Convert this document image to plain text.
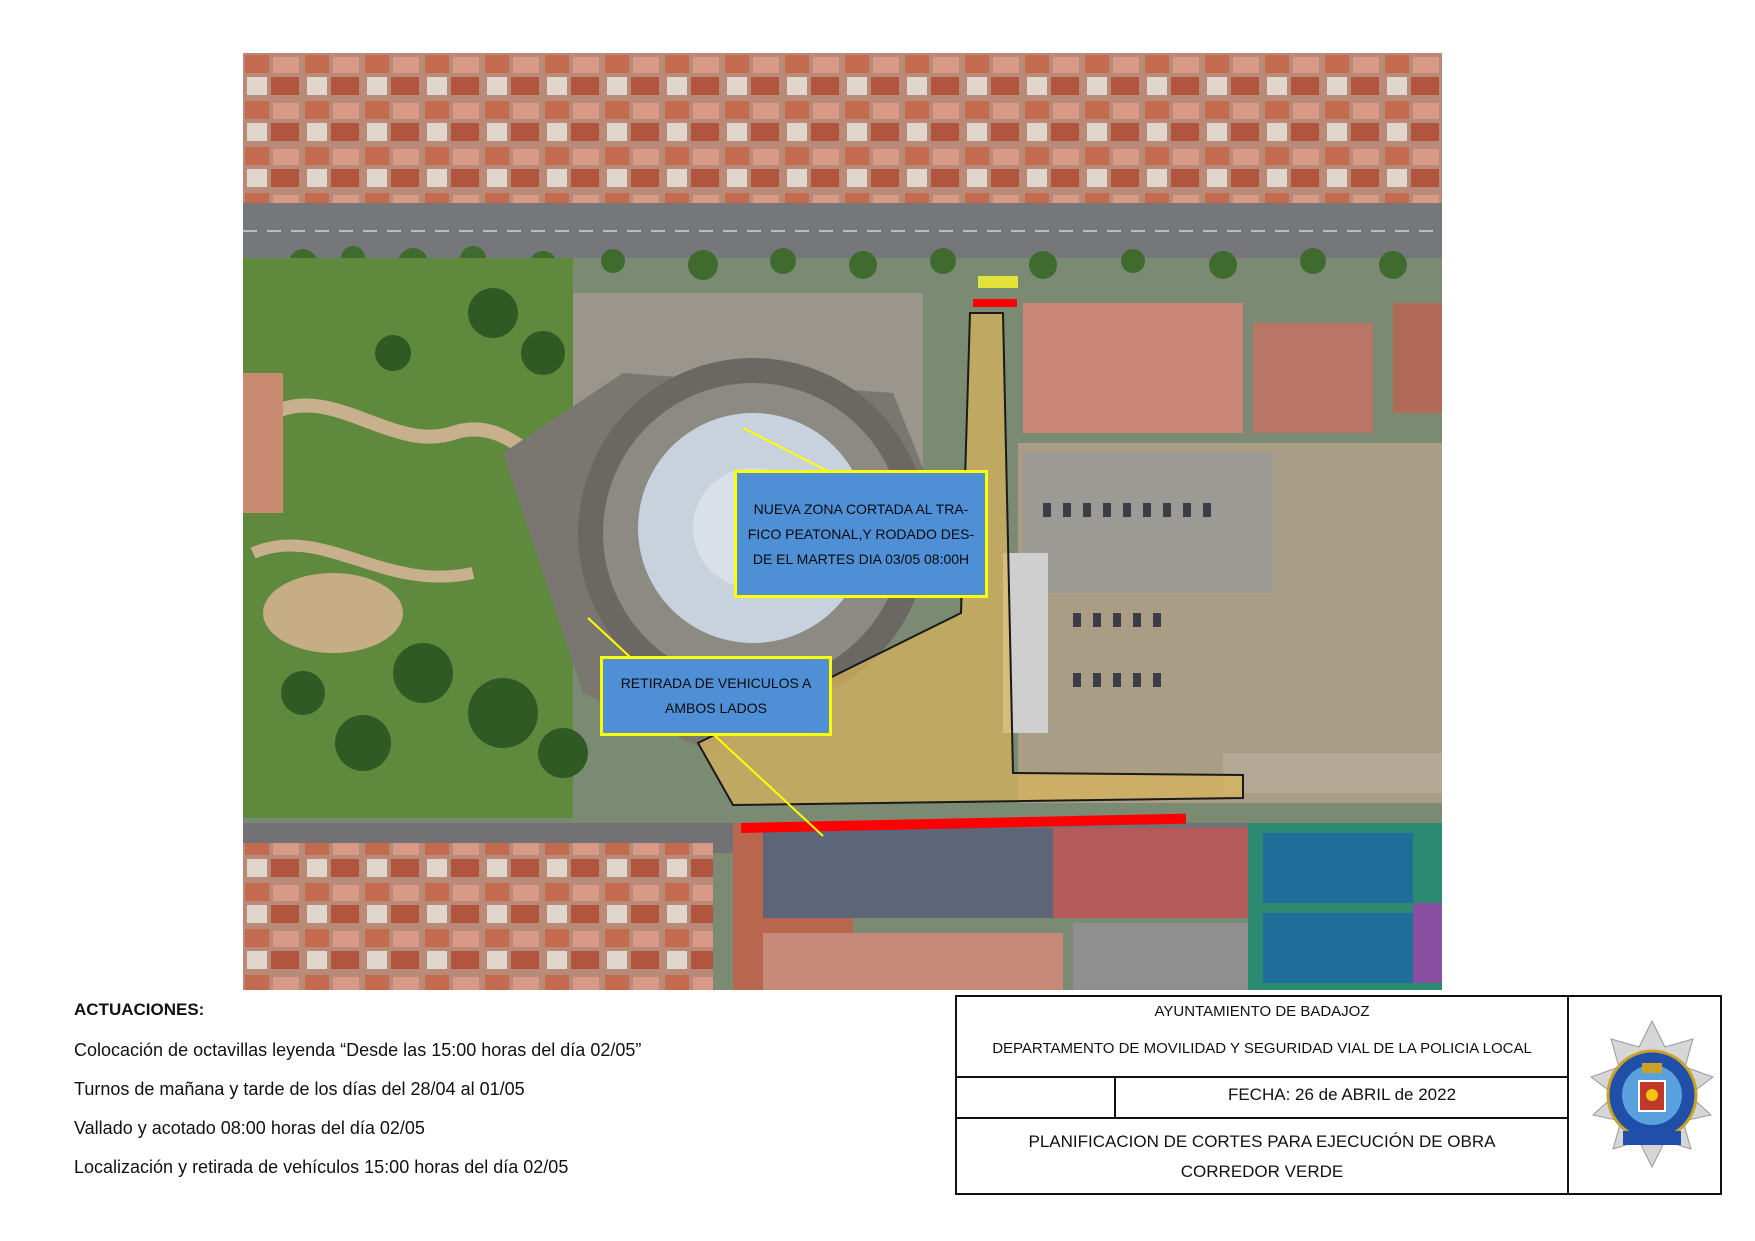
NUEVA ZONA CORTADA AL TRA-
FICO PEATONAL,Y RODADO DES-
DE EL MARTES DIA 03/05 08:00H
RETIRADA DE VEHICULOS A
AMBOS LADOS
ACTUACIONES:
Colocación de octavillas leyenda “Desde las 15:00 horas del día 02/05”
Turnos de mañana y tarde de los días del 28/04 al 01/05
Vallado y acotado 08:00 horas del día 02/05
Localización y retirada de vehículos 15:00 horas del día 02/05
AYUNTAMIENTO DE BADAJOZ
DEPARTAMENTO DE MOVILIDAD Y SEGURIDAD VIAL DE LA POLICIA LOCAL
FECHA: 26 de ABRIL de 2022
PLANIFICACION DE CORTES PARA EJECUCIÓN DE OBRA
CORREDOR VERDE
